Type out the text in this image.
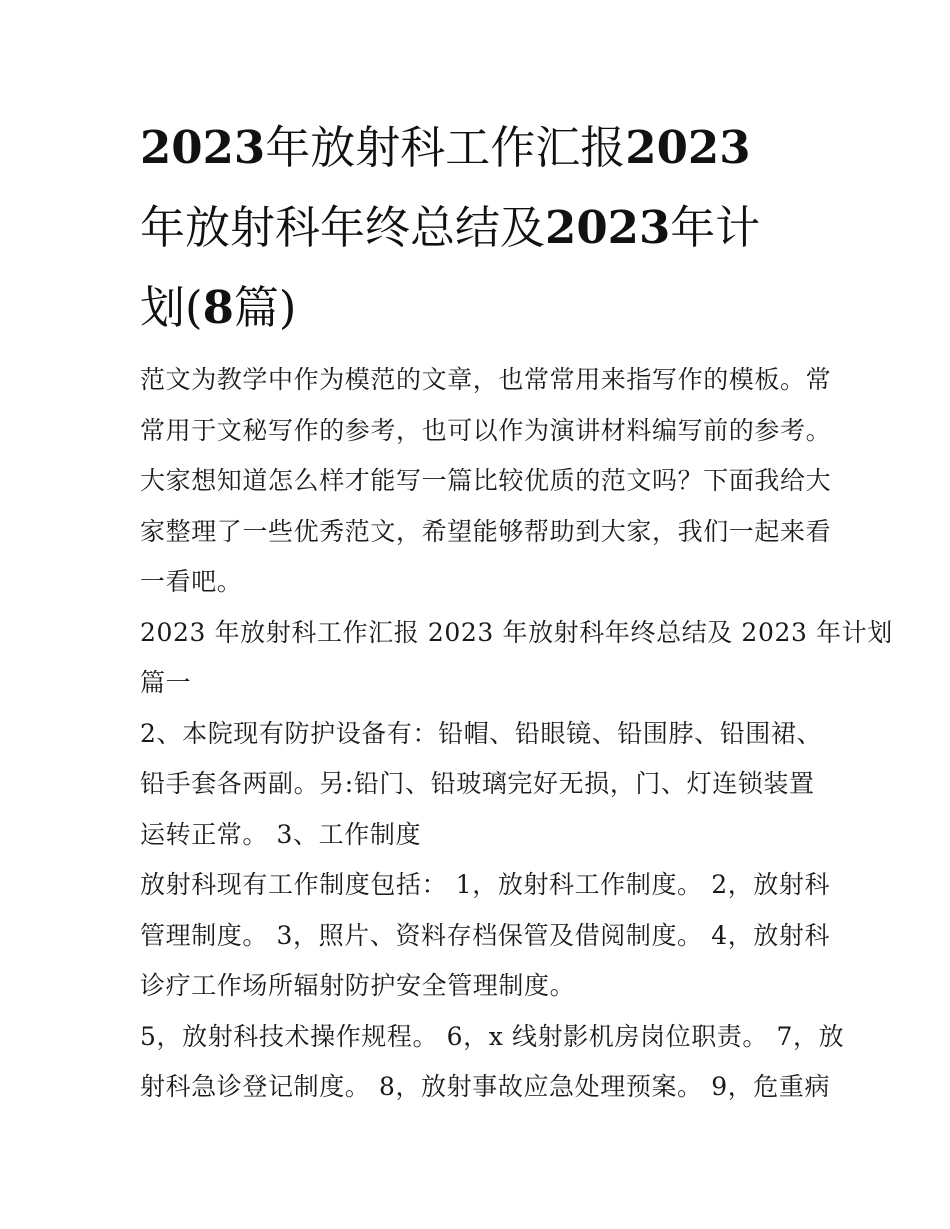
2023年放射科工作汇报2023
年放射科年终总结及2023年计
划(8篇)
范文为教学中作为模范的文章，也常常用来指写作的模板。常
常用于文秘写作的参考，也可以作为演讲材料编写前的参考。
大家想知道怎么样才能写一篇比较优质的范文吗？下面我给大
家整理了一些优秀范文，希望能够帮助到大家，我们一起来看
一看吧。
2023 年放射科工作汇报 2023 年放射科年终总结及 2023 年计划
篇一
2、本院现有防护设备有：铅帽、铅眼镜、铅围脖、铅围裙、
铅手套各两副。另:铅门、铅玻璃完好无损，门、灯连锁装置
运转正常。 3、工作制度
放射科现有工作制度包括： 1，放射科工作制度。 2，放射科
管理制度。 3，照片、资料存档保管及借阅制度。 4，放射科
诊疗工作场所辐射防护安全管理制度。
5，放射科技术操作规程。 6，x 线射影机房岗位职责。 7，放
射科急诊登记制度。 8，放射事故应急处理预案。 9，危重病
